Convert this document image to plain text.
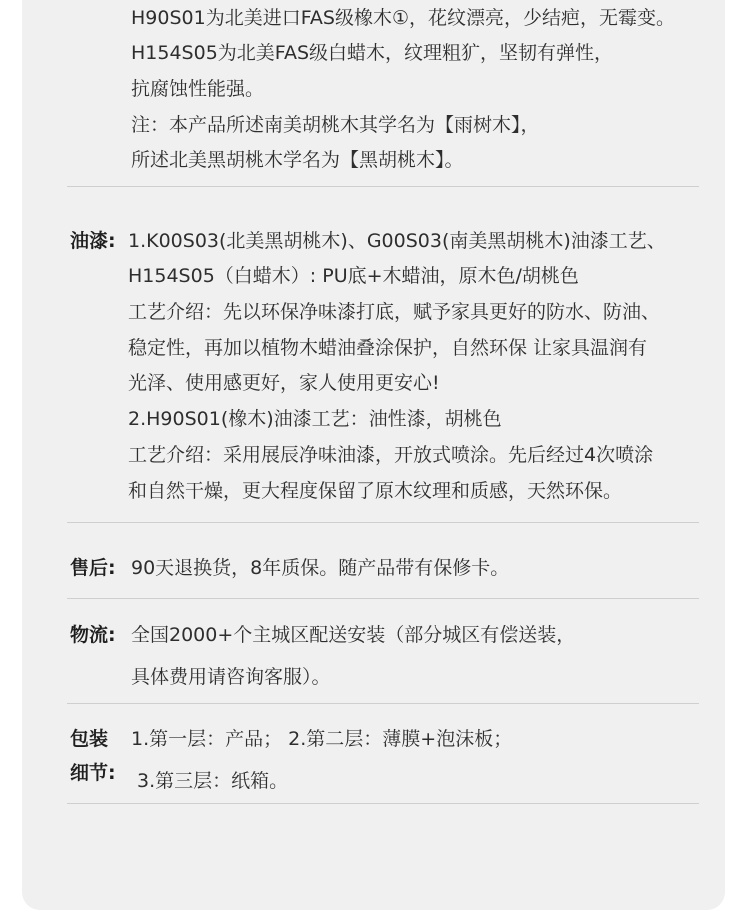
H90S01为北美进口FAS级橡木①，花纹漂亮，少结疤，无霉变。
H154S05为北美FAS级白蜡木，纹理粗犷，坚韧有弹性，
抗腐蚀性能强。
注：本产品所述南美胡桃木其学名为【雨树木】，
所述北美黑胡桃木学名为【黑胡桃木】。
油漆: 1.K00S03(北美黑胡桃木)、G00S03(南美黑胡桃木)油漆工艺、
H154S05（白蜡木）: PU底+木蜡油，原木色/胡桃色
工艺介绍：先以环保净味漆打底，赋予家具更好的防水、防油、
稳定性，再加以植物木蜡油叠涂保护，自然环保 让家具温润有
光泽、使用感更好，家人使用更安心!
2.H90S01(橡木)油漆工艺：油性漆，胡桃色
工艺介绍：采用展辰净味油漆，开放式喷涂。先后经过4次喷涂
和自然干燥，更大程度保留了原木纹理和质感，天然环保。
售后: 90天退换货，8年质保。随产品带有保修卡。
物流: 全国2000+个主城区配送安装（部分城区有偿送装，
具体费用请咨询客服）。
包装
细节:
1.第一层：产品； 2.第二层：薄膜+泡沫板；
3.第三层：纸箱。
